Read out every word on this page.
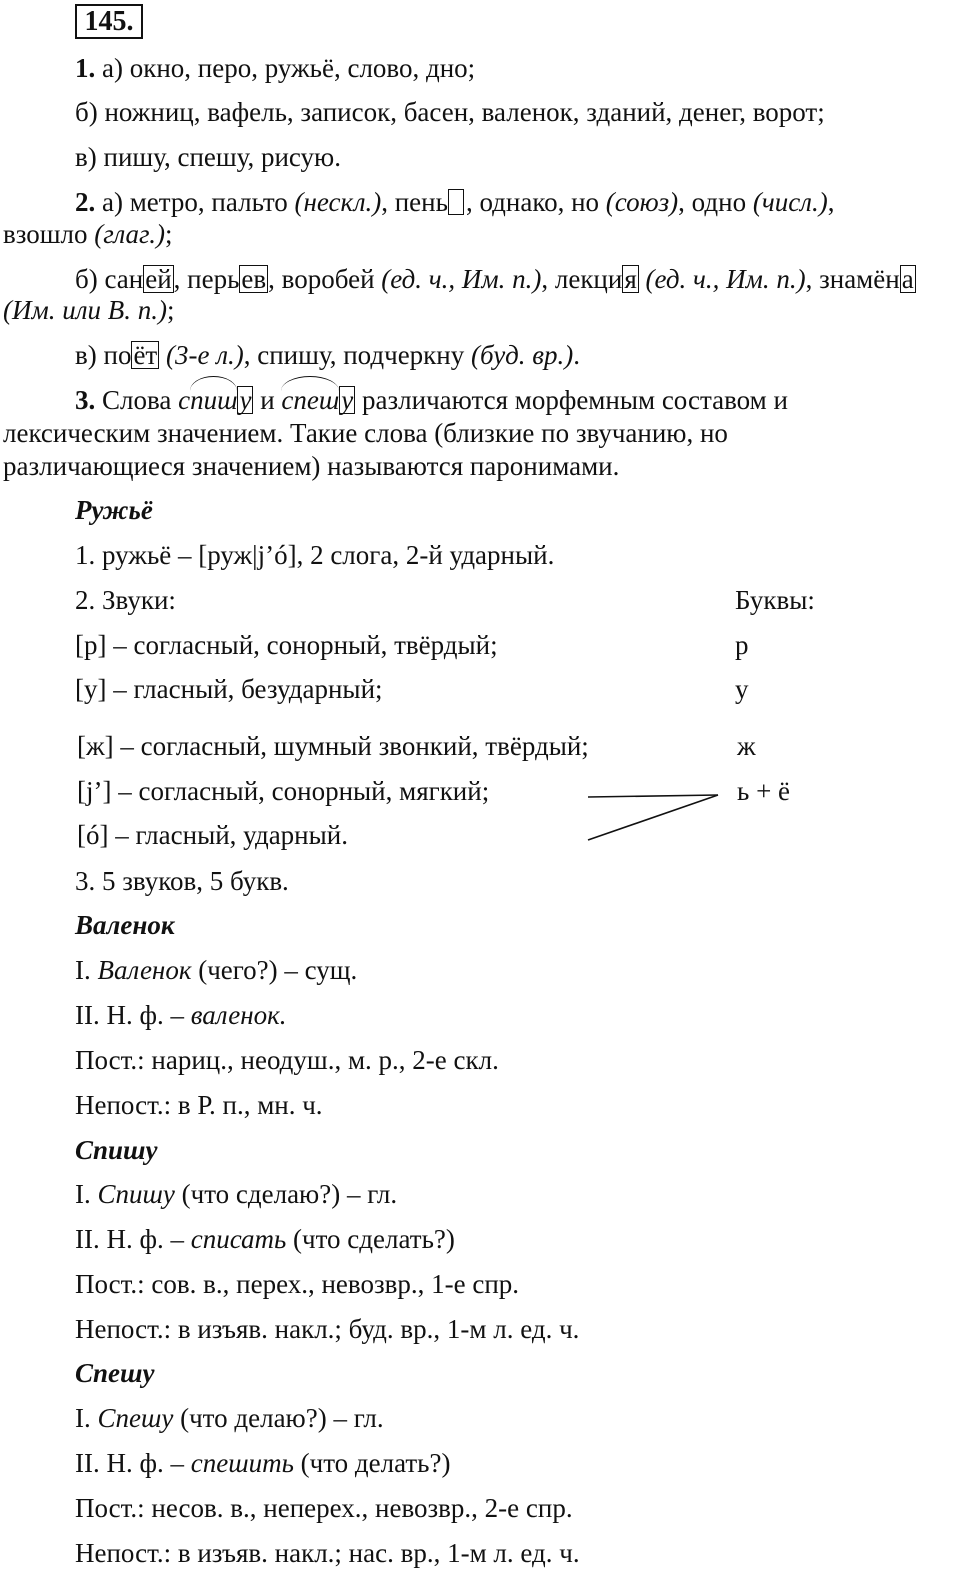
145.
1. а) окно, перо, ружьё, слово, дно;
б) ножниц, вафель, записок, басен, валенок, зданий, денег, ворот;
в) пишу, спешу, рисую.
2. а) метро, пальто (нескл.), пень , однако, но (союз), одно (числ.),
взошло (глаг.);
б) саней, перьев, воробей (ед. ч., Им. п.), лекция (ед. ч., Им. п.), знамёна
(Им. или В. п.);
в) поёт (3-е л.), спишу, подчеркну (буд. вр.).
3. Слова спишу и спешу различаются морфемным составом и
лексическим значением. Такие слова (близкие по звучанию, но
различающиеся значением) называются паронимами.
Ружьё
1. ружьё – [руж|j’ó], 2 слога, 2-й ударный.
2. Звуки:	Буквы:
[р] – согласный, сонорный, твёрдый;	р
[у] – гласный, безударный;	у
[ж] – согласный, шумный звонкий, твёрдый;	ж
[j’] – согласный, сонорный, мягкий;	ь + ё
[ó] – гласный, ударный.
3. 5 звуков, 5 букв.
Валенок
I. Валенок (чего?) – сущ.
II. Н. ф. – валенок.
Пост.: нариц., неодуш., м. р., 2-е скл.
Непост.: в Р. п., мн. ч.
Спишу
I. Спишу (что сделаю?) – гл.
II. Н. ф. – списать (что сделать?)
Пост.: сов. в., перех., невозвр., 1-е спр.
Непост.: в изъяв. накл.; буд. вр., 1-м л. ед. ч.
Спешу
I. Спешу (что делаю?) – гл.
II. Н. ф. – спешить (что делать?)
Пост.: несов. в., неперех., невозвр., 2-е спр.
Непост.: в изъяв. накл.; нас. вр., 1-м л. ед. ч.
